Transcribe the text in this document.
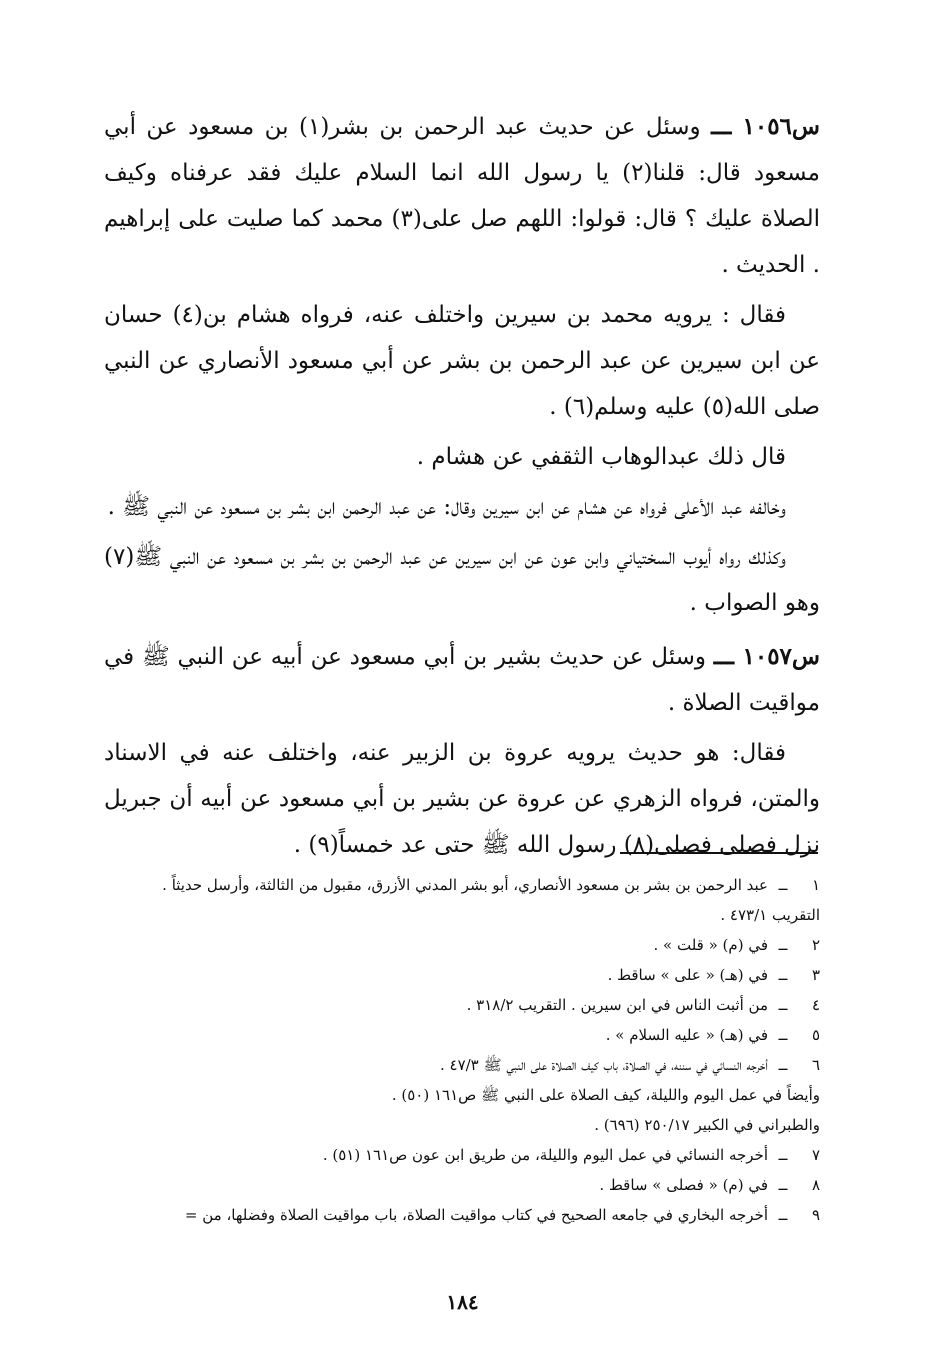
س١٠٥٦ ـــ وسئل عن حديث عبد الرحمن بن بشر(١) بن مسعود عن أبي مسعود قال: قلنا(٢) يا رسول الله انما السلام عليك فقد عرفناه وكيف الصلاة عليك ؟ قال: قولوا: اللهم صل على(٣) محمد كما صليت على إبراهيم . الحديث .

فقال : يرويه محمد بن سيرين واختلف عنه، فرواه هشام بن(٤) حسان عن ابن سيرين عن عبد الرحمن بن بشر عن أبي مسعود الأنصاري عن النبي صلى الله(٥) عليه وسلم(٦) .

قال ذلك عبدالوهاب الثقفي عن هشام .

وخالفه عبد الأعلى فرواه عن هشام عن ابن سيرين وقال: عن عبد الرحمن ابن بشر بن مسعود عن النبي ﷺ .

وكذلك رواه أيوب السختياني وابن عون عن ابن سيرين عن عبد الرحمن بن بشر بن مسعود عن النبي ﷺ(٧) وهو الصواب .

س١٠٥٧ ـــ وسئل عن حديث بشير بن أبي مسعود عن أبيه عن النبي ﷺ في مواقيت الصلاة .

فقال: هو حديث يرويه عروة بن الزبير عنه، واختلف عنه في الاسناد والمتن، فرواه الزهري عن عروة عن بشير بن أبي مسعود عن أبيه أن جبريل نزل فصلى فصلى(٨) رسول الله ﷺ حتى عد خمساً(٩) .

١
ــ
عبد الرحمن بن بشر بن مسعود الأنصاري، أبو بشر المدني الأزرق، مقبول من الثالثة، وأرسل حديثاً .
التقريب ٤٧٣/١ .
٢
ــ
في (م) « قلت » .
٣
ــ
في (هـ) « على » ساقط .
٤
ــ
من أثبت الناس في ابن سيرين . التقريب ٣١٨/٢ .
٥
ــ
في (هـ) « عليه السلام » .
٦
ــ
أخرجه النسائي في سننه، في الصلاة، باب كيف الصلاة على النبي ﷺ ٤٧/٣ .
وأيضاً في عمل اليوم والليلة، كيف الصلاة على النبي ﷺ ص١٦١ (٥٠) .
والطبراني في الكبير ٢٥٠/١٧ (٦٩٦) .
٧
ــ
أخرجه النسائي في عمل اليوم والليلة، من طريق ابن عون ص١٦١ (٥١) .
٨
ــ
في (م) « فصلى » ساقط .
٩
ــ
أخرجه البخاري في جامعه الصحيح في كتاب مواقيت الصلاة، باب مواقيت الصلاة وفضلها، من =
١٨٤
